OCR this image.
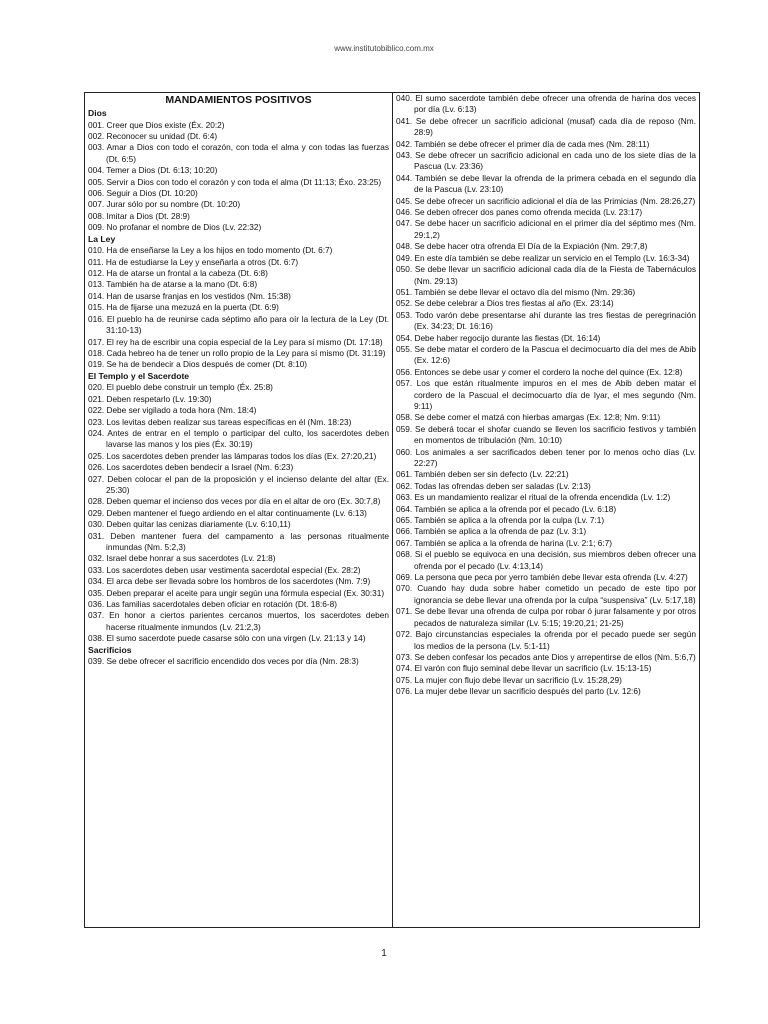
www.institutobiblico.com.mx
MANDAMIENTOS POSITIVOS
Dios
001. Creer que Dios existe (Éx. 20:2)
002. Reconocer su unidad (Dt. 6:4)
003. Amar a Dios con todo el corazón, con toda el alma y con todas las fuerzas (Dt. 6:5)
004. Temer a Dios (Dt. 6:13; 10:20)
005. Servir a Dios con todo el corazón y con toda el alma (Dt 11:13; Éxo. 23:25)
006. Seguir a Dios (Dt. 10:20)
007. Jurar sólo por su nombre (Dt. 10:20)
008. Imitar a Dios (Dt. 28:9)
009. No profanar el nombre de Dios (Lv. 22:32)
La Ley
010. Ha de enseñarse la Ley a los hijos en todo momento (Dt. 6:7)
011. Ha de estudiarse la Ley y enseñarla a otros (Dt. 6:7)
012. Ha de atarse un frontal a la cabeza (Dt. 6:8)
013. También ha de atarse a la mano (Dt. 6:8)
014. Han de usarse franjas en los vestidos (Nm. 15:38)
015. Ha de fijarse una mezuzá en la puerta (Dt. 6:9)
016. El pueblo ha de reunirse cada séptimo año para oír la lectura de la Ley (Dt. 31:10-13)
017. El rey ha de escribir una copia especial de la Ley para sí mismo (Dt. 17:18)
018. Cada hebreo ha de tener un rollo propio de la Ley para sí mismo (Dt. 31:19)
019. Se ha de bendecir a Dios después de comer (Dt. 8:10)
El Templo y el Sacerdote
020. El pueblo debe construir un templo (Éx. 25:8)
021. Deben respetarlo (Lv. 19:30)
022. Debe ser vigilado a toda hora (Nm. 18:4)
023. Los levitas deben realizar sus tareas específicas en él (Nm. 18:23)
024. Antes de entrar en el templo o participar del culto, los sacerdotes deben lavarse las manos y los pies (Éx. 30:19)
025. Los sacerdotes deben prender las lámparas todos los días (Ex. 27:20,21)
026. Los sacerdotes deben bendecir a Israel (Nm. 6:23)
027. Deben colocar el pan de la proposición y el incienso delante del altar (Ex. 25:30)
028. Deben quemar el incienso dos veces por día en el altar de oro (Ex. 30:7,8)
029. Deben mantener el fuego ardiendo en el altar continuamente (Lv. 6:13)
030. Deben quitar las cenizas diariamente (Lv. 6:10,11)
031. Deben mantener fuera del campamento a las personas ritualmente inmundas (Nm. 5:2,3)
032. Israel debe honrar a sus sacerdotes (Lv. 21:8)
033. Los sacerdotes deben usar vestimenta sacerdotal especial (Ex. 28:2)
034. El arca debe ser llevada sobre los hombros de los sacerdotes (Nm. 7:9)
035. Deben preparar el aceite para ungir según una fórmula especial (Ex. 30:31)
036. Las familias sacerdotales deben oficiar en rotación (Dt. 18:6-8)
037. En honor a ciertos parientes cercanos muertos, los sacerdotes deben hacerse ritualmente inmundos (Lv. 21:2,3)
038. El sumo sacerdote puede casarse sólo con una virgen (Lv. 21:13 y 14)
Sacrificios
039. Se debe ofrecer el sacrificio encendido dos veces por día (Nm. 28:3)
040. El sumo sacerdote también debe ofrecer una ofrenda de harina dos veces por día (Lv. 6:13)
041. Se debe ofrecer un sacrificio adicional (musaf) cada día de reposo (Nm. 28:9)
042. También se debe ofrecer el primer día de cada mes (Nm. 28:11)
043. Se debe ofrecer un sacrificio adicional en cada uno de los siete días de la Pascua (Lv. 23:36)
044. También se debe llevar la ofrenda de la primera cebada en el segundo día de la Pascua (Lv. 23:10)
045. Se debe ofrecer un sacrificio adicional el día de las Primicias (Nm. 28:26,27)
046. Se deben ofrecer dos panes como ofrenda mecida (Lv. 23:17)
047. Se debe hacer un sacrificio adicional en el primer día del séptimo mes (Nm. 29:1,2)
048. Se debe hacer otra ofrenda El Día de la Expiación (Nm. 29:7,8)
049. En este día también se debe realizar un servicio en el Templo (Lv. 16:3-34)
050. Se debe llevar un sacrificio adicional cada día de la Fiesta de Tabernáculos (Nm. 29:13)
051. También se debe llevar el octavo día del mismo (Nm. 29:36)
052. Se debe celebrar a Dios tres fiestas al año (Ex. 23:14)
053. Todo varón debe presentarse ahí durante las tres fiestas de peregrinación (Ex. 34:23; Dt. 16:16)
054. Debe haber regocijo durante las fiestas (Dt. 16:14)
055. Se debe matar el cordero de la Pascua el decimocuarto día del mes de Abib (Ex. 12:6)
056. Entonces se debe usar y comer el cordero la noche del quince (Ex. 12:8)
057. Los que están ritualmente impuros en el mes de Abib deben matar el cordero de la Pascual el decimocuarto día de Iyar, el mes segundo (Nm. 9:11)
058. Se debe comer el matzá con hierbas amargas (Ex. 12:8; Nm. 9:11)
059. Se deberá tocar el shofar cuando se lleven los sacrificio festivos y también en momentos de tribulación (Nm. 10:10)
060. Los animales a ser sacrificados deben tener por lo menos ocho días (Lv. 22:27)
061. También deben ser sin defecto (Lv. 22:21)
062. Todas las ofrendas deben ser saladas (Lv. 2:13)
063. Es un mandamiento realizar el ritual de la ofrenda encendida (Lv. 1:2)
064. También se aplica a la ofrenda por el pecado (Lv. 6:18)
065. También se aplica a la ofrenda por la culpa (Lv. 7:1)
066. También se aplica a la ofrenda de paz (Lv. 3:1)
067. También se aplica a la ofrenda de harina (Lv. 2:1; 6:7)
068. Si el pueblo se equivoca en una decisión, sus miembros deben ofrecer una ofrenda por el pecado (Lv. 4:13,14)
069. La persona que peca por yerro también debe llevar esta ofrenda (Lv. 4:27)
070. Cuando hay duda sobre haber cometido un pecado de este tipo por ignorancia se debe llevar una ofrenda por la culpa “suspensiva” (Lv. 5:17,18)
071. Se debe llevar una ofrenda de culpa por robar ó jurar falsamente y por otros pecados de naturaleza similar (Lv. 5:15; 19:20,21; 21-25)
072. Bajo circunstancias especiales la ofrenda por el pecado puede ser según los medios de la persona (Lv. 5:1-11)
073. Se deben confesar los pecados ante Dios y arrepentirse de ellos (Nm. 5:6,7)
074. El varón con flujo seminal debe llevar un sacrificio (Lv. 15:13-15)
075. La mujer con flujo debe llevar un sacrificio (Lv. 15:28,29)
076. La mujer debe llevar un sacrificio después del parto (Lv. 12:6)
1
